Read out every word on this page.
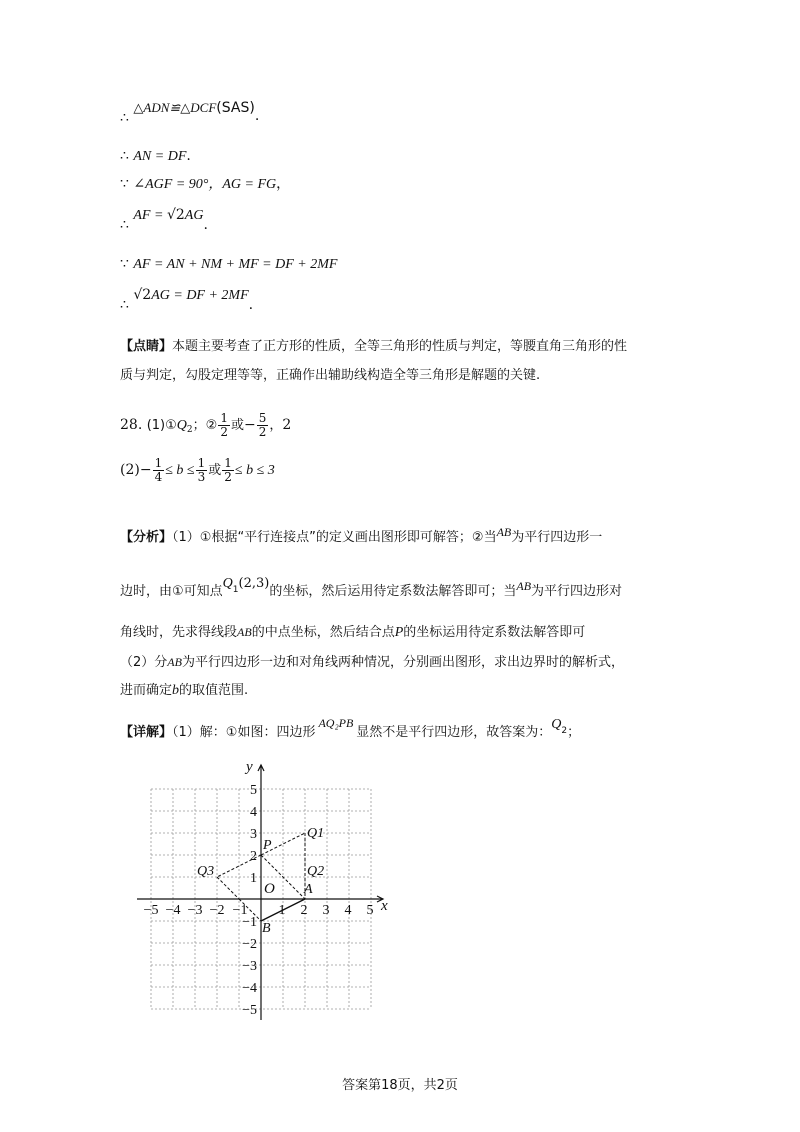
∴ △ADN≌△DCF(SAS).
∴ AN = DF.
∵ ∠AGF = 90°，AG = FG，
∴ AF = √2AG.
∵ AF = AN + NM + MF = DF + 2MF
∴ √2AG = DF + 2MF.
【点睛】本题主要考查了正方形的性质，全等三角形的性质与判定，等腰直角三角形的性
质与判定，勾股定理等等，正确作出辅助线构造全等三角形是解题的关键.
28. $(1)①Q_2$；② $\frac{1}{2}$ 或− $\frac{5}{2}$ ，2
$(2)- \frac{1}{4} \le b \le \frac{1}{3}$ 或 $\frac{1}{2} \le b \le 3$
【分析】（1）①根据“平行连接点”的定义画出图形即可解答；②当AB为平行四边形一
边时，由①可知点$Q^1(2,3)$的坐标，然后运用待定系数法解答即可；当AB为平行四边形对
角线时，先求得线段AB的中点坐标，然后结合点P的坐标运用待定系数法解答即可
（2）分AB为平行四边形一边和对角线两种情况，分别画出图形，求出边界时的解析式，
进而确定b的取值范围.
【详解】（1）解：①如图：四边形AQ₂PB显然不是平行四边形，故答案为：$Q^2$；
−5 −4 −3 −2 −1 1 2 3 4 5
5
4
3
2
1
−1
−2
−3
−4
−5
y
x
O
P
Q1
Q2
Q3
A
B
答案第18页，共2页
